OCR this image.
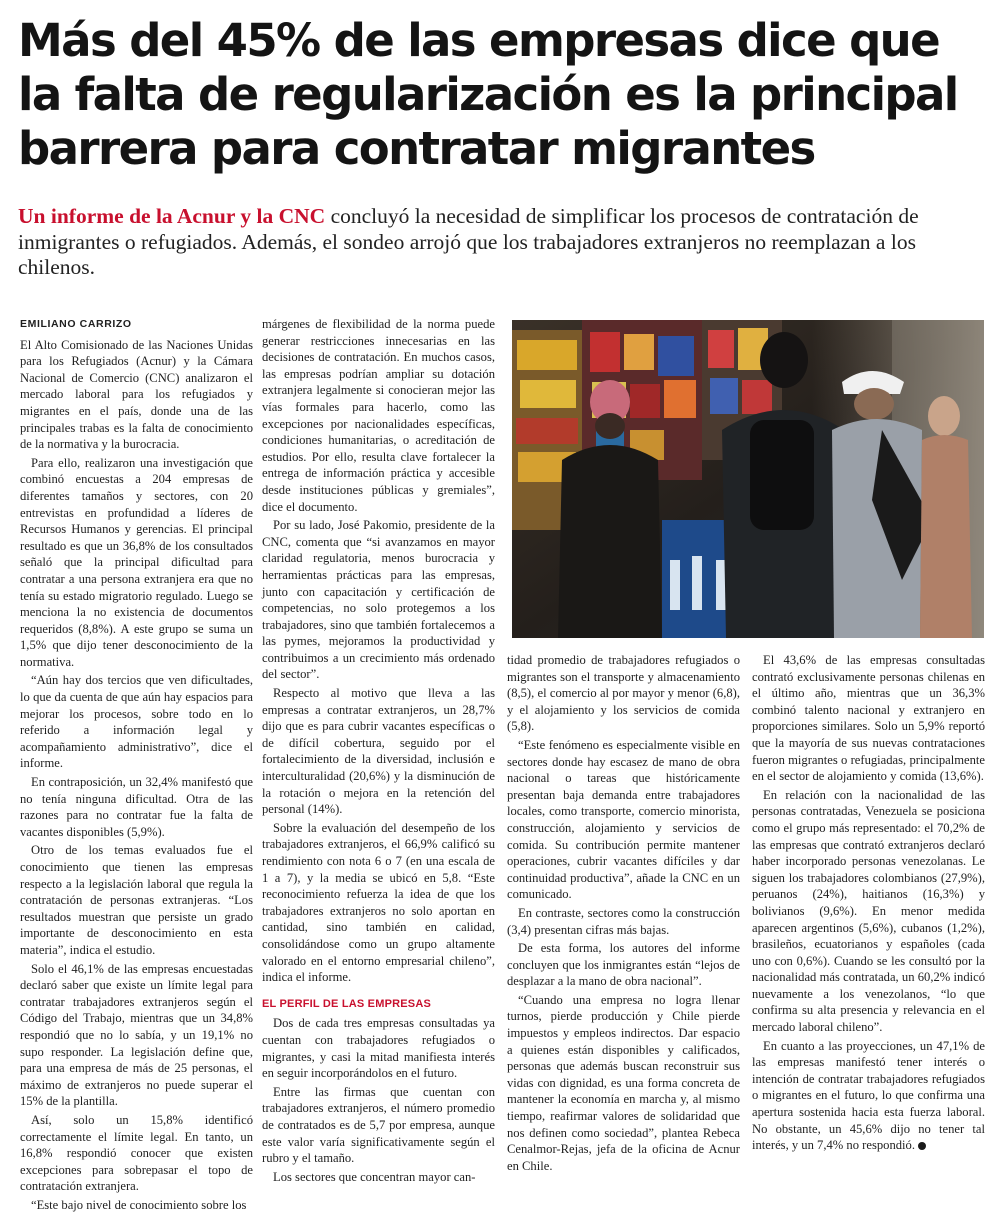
Más del 45% de las empresas dice que la falta de regularización es la principal barrera para contratar migrantes

Un informe de la Acnur y la CNC concluyó la necesidad de simplificar los procesos de contratación de inmigrantes o refugiados. Además, el sondeo arrojó que los trabajadores extranjeros no reemplazan a los chilenos.

EMILIANO CARRIZO

El Alto Comisionado de las Naciones Unidas para los Refugiados (Acnur) y la Cámara Nacional de Comercio (CNC) analizaron el mercado laboral para los refugiados y migrantes en el país, donde una de las principales trabas es la falta de conocimiento de la normativa y la burocracia.

Para ello, realizaron una investigación que combinó encuestas a 204 empresas de diferentes tamaños y sectores, con 20 entrevistas en profundidad a líderes de Recursos Humanos y gerencias. El principal resultado es que un 36,8% de los consultados señaló que la principal dificultad para contratar a una persona extranjera era que no tenía su estado migratorio regulado. Luego se menciona la no existencia de documentos requeridos (8,8%). A este grupo se suma un 1,5% que dijo tener desconocimiento de la normativa.

“Aún hay dos tercios que ven dificultades, lo que da cuenta de que aún hay espacios para mejorar los procesos, sobre todo en lo referido a información legal y acompañamiento administrativo”, dice el informe.

En contraposición, un 32,4% manifestó que no tenía ninguna dificultad. Otra de las razones para no contratar fue la falta de vacantes disponibles (5,9%).

Otro de los temas evaluados fue el conocimiento que tienen las empresas respecto a la legislación laboral que regula la contratación de personas extranjeras. “Los resultados muestran que persiste un grado importante de desconocimiento en esta materia”, indica el estudio.

Solo el 46,1% de las empresas encuestadas declaró saber que existe un límite legal para contratar trabajadores extranjeros según el Código del Trabajo, mientras que un 34,8% respondió que no lo sabía, y un 19,1% no supo responder. La legislación define que, para una empresa de más de 25 personas, el máximo de extranjeros no puede superar el 15% de la plantilla.

Así, solo un 15,8% identificó correctamente el límite legal. En tanto, un 16,8% respondió conocer que existen excepciones para sobrepasar el topo de contratación extranjera.

“Este bajo nivel de conocimiento sobre los

márgenes de flexibilidad de la norma puede generar restricciones innecesarias en las decisiones de contratación. En muchos casos, las empresas podrían ampliar su dotación extranjera legalmente si conocieran mejor las vías formales para hacerlo, como las excepciones por nacionalidades específicas, condiciones humanitarias, o acreditación de estudios. Por ello, resulta clave fortalecer la entrega de información práctica y accesible desde instituciones públicas y gremiales”, dice el documento.

Por su lado, José Pakomio, presidente de la CNC, comenta que “si avanzamos en mayor claridad regulatoria, menos burocracia y herramientas prácticas para las empresas, junto con capacitación y certificación de competencias, no solo protegemos a los trabajadores, sino que también fortalecemos a las pymes, mejoramos la productividad y contribuimos a un crecimiento más ordenado del sector”.

Respecto al motivo que lleva a las empresas a contratar extranjeros, un 28,7% dijo que es para cubrir vacantes específicas o de difícil cobertura, seguido por el fortalecimiento de la diversidad, inclusión e interculturalidad (20,6%) y la disminución de la rotación o mejora en la retención del personal (14%).

Sobre la evaluación del desempeño de los trabajadores extranjeros, el 66,9% calificó su rendimiento con nota 6 o 7 (en una escala de 1 a 7), y la media se ubicó en 5,8. “Este reconocimiento refuerza la idea de que los trabajadores extranjeros no solo aportan en cantidad, sino también en calidad, consolidándose como un grupo altamente valorado en el entorno empresarial chileno”, indica el informe.

EL PERFIL DE LAS EMPRESAS

Dos de cada tres empresas consultadas ya cuentan con trabajadores refugiados o migrantes, y casi la mitad manifiesta interés en seguir incorporándolos en el futuro.

Entre las firmas que cuentan con trabajadores extranjeros, el número promedio de contratados es de 5,7 por empresa, aunque este valor varía significativamente según el rubro y el tamaño.

Los sectores que concentran mayor can-

tidad promedio de trabajadores refugiados o migrantes son el transporte y almacenamiento (8,5), el comercio al por mayor y menor (6,8), y el alojamiento y los servicios de comida (5,8).

“Este fenómeno es especialmente visible en sectores donde hay escasez de mano de obra nacional o tareas que históricamente presentan baja demanda entre trabajadores locales, como transporte, comercio minorista, construcción, alojamiento y servicios de comida. Su contribución permite mantener operaciones, cubrir vacantes difíciles y dar continuidad productiva”, añade la CNC en un comunicado.

En contraste, sectores como la construcción (3,4) presentan cifras más bajas.

De esta forma, los autores del informe concluyen que los inmigrantes están “lejos de desplazar a la mano de obra nacional”.

“Cuando una empresa no logra llenar turnos, pierde producción y Chile pierde impuestos y empleos indirectos. Dar espacio a quienes están disponibles y calificados, personas que además buscan reconstruir sus vidas con dignidad, es una forma concreta de mantener la economía en marcha y, al mismo tiempo, reafirmar valores de solidaridad que nos definen como sociedad”, plantea Rebeca Cenalmor-Rejas, jefa de la oficina de Acnur en Chile.

El 43,6% de las empresas consultadas contrató exclusivamente personas chilenas en el último año, mientras que un 36,3% combinó talento nacional y extranjero en proporciones similares. Solo un 5,9% reportó que la mayoría de sus nuevas contrataciones fueron migrantes o refugiadas, principalmente en el sector de alojamiento y comida (13,6%).

En relación con la nacionalidad de las personas contratadas, Venezuela se posiciona como el grupo más representado: el 70,2% de las empresas que contrató extranjeros declaró haber incorporado personas venezolanas. Le siguen los trabajadores colombianos (27,9%), peruanos (24%), haitianos (16,3%) y bolivianos (9,6%). En menor medida aparecen argentinos (5,6%), cubanos (1,2%), brasileños, ecuatorianos y españoles (cada uno con 0,6%). Cuando se les consultó por la nacionalidad más contratada, un 60,2% indicó nuevamente a los venezolanos, “lo que confirma su alta presencia y relevancia en el mercado laboral chileno”.

En cuanto a las proyecciones, un 47,1% de las empresas manifestó tener interés o intención de contratar trabajadores refugiados o migrantes en el futuro, lo que confirma una apertura sostenida hacia esta fuerza laboral. No obstante, un 45,6% dijo no tener tal interés, y un 7,4% no respondió.
